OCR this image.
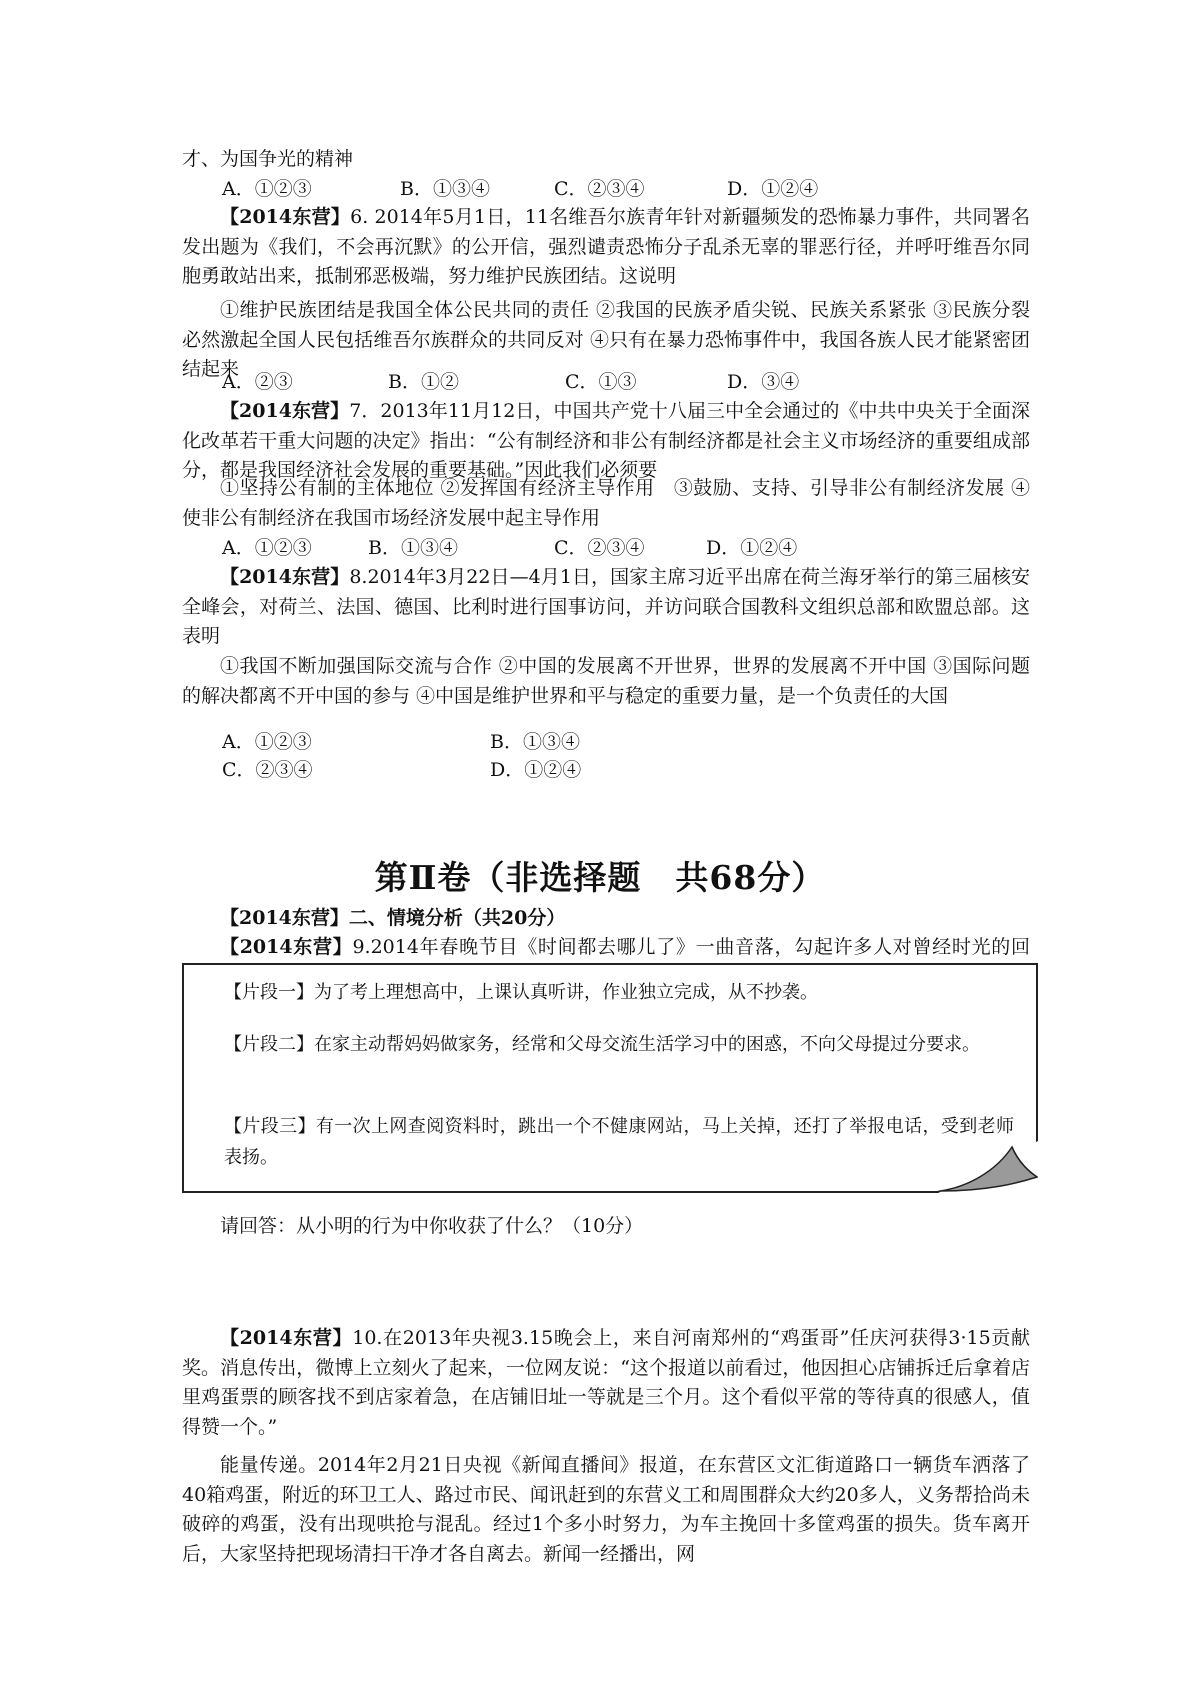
才、为国争光的精神
A．①②③	B．①③④	C．②③④	D．①②④
【2014东营】6. 2014年5月1日，11名维吾尔族青年针对新疆频发的恐怖暴力事件，共同署名发出题为《我们，不会再沉默》的公开信，强烈谴责恐怖分子乱杀无辜的罪恶行径，并呼吁维吾尔同胞勇敢站出来，抵制邪恶极端，努力维护民族团结。这说明
①维护民族团结是我国全体公民共同的责任 ②我国的民族矛盾尖锐、民族关系紧张 ③民族分裂必然激起全国人民包括维吾尔族群众的共同反对 ④只有在暴力恐怖事件中，我国各族人民才能紧密团结起来
A．②③	B．①②	C．①③	D．③④
【2014东营】7．2013年11月12日，中国共产党十八届三中全会通过的《中共中央关于全面深化改革若干重大问题的决定》指出：“公有制经济和非公有制经济都是社会主义市场经济的重要组成部分，都是我国经济社会发展的重要基础。”因此我们必须要
①坚持公有制的主体地位 ②发挥国有经济主导作用　③鼓励、支持、引导非公有制经济发展 ④使非公有制经济在我国市场经济发展中起主导作用
A．①②③	B．①③④	C．②③④	D．①②④
【2014东营】8.2014年3月22日—4月1日，国家主席习近平出席在荷兰海牙举行的第三届核安全峰会，对荷兰、法国、德国、比利时进行国事访问，并访问联合国教科文组织总部和欧盟总部。这表明
①我国不断加强国际交流与合作 ②中国的发展离不开世界，世界的发展离不开中国 ③国际问题的解决都离不开中国的参与 ④中国是维护世界和平与稳定的重要力量，是一个负责任的大国
A．①②③	B．①③④
C．②③④	D．①②④
第Ⅱ卷（非选择题　共68分）
【2014东营】二、情境分析（共20分）
【2014东营】9.2014年春晚节目《时间都去哪儿了》一曲音落，勾起许多人对曾经时光的回
【片段一】为了考上理想高中，上课认真听讲，作业独立完成，从不抄袭。
【片段二】在家主动帮妈妈做家务，经常和父母交流生活学习中的困惑，不向父母提过分要求。
【片段三】有一次上网查阅资料时，跳出一个不健康网站，马上关掉，还打了举报电话，受到老师表扬。
请回答：从小明的行为中你收获了什么？（10分）
【2014东营】10.在2013年央视3.15晚会上，来自河南郑州的“鸡蛋哥”任庆河获得3·15贡献奖。消息传出，微博上立刻火了起来，一位网友说：“这个报道以前看过，他因担心店铺拆迁后拿着店里鸡蛋票的顾客找不到店家着急，在店铺旧址一等就是三个月。这个看似平常的等待真的很感人，值得赞一个。”
能量传递。2014年2月21日央视《新闻直播间》报道，在东营区文汇街道路口一辆货车洒落了40箱鸡蛋，附近的环卫工人、路过市民、闻讯赶到的东营义工和周围群众大约20多人，义务帮拾尚未破碎的鸡蛋，没有出现哄抢与混乱。经过1个多小时努力，为车主挽回十多筐鸡蛋的损失。货车离开后，大家坚持把现场清扫干净才各自离去。新闻一经播出，网
